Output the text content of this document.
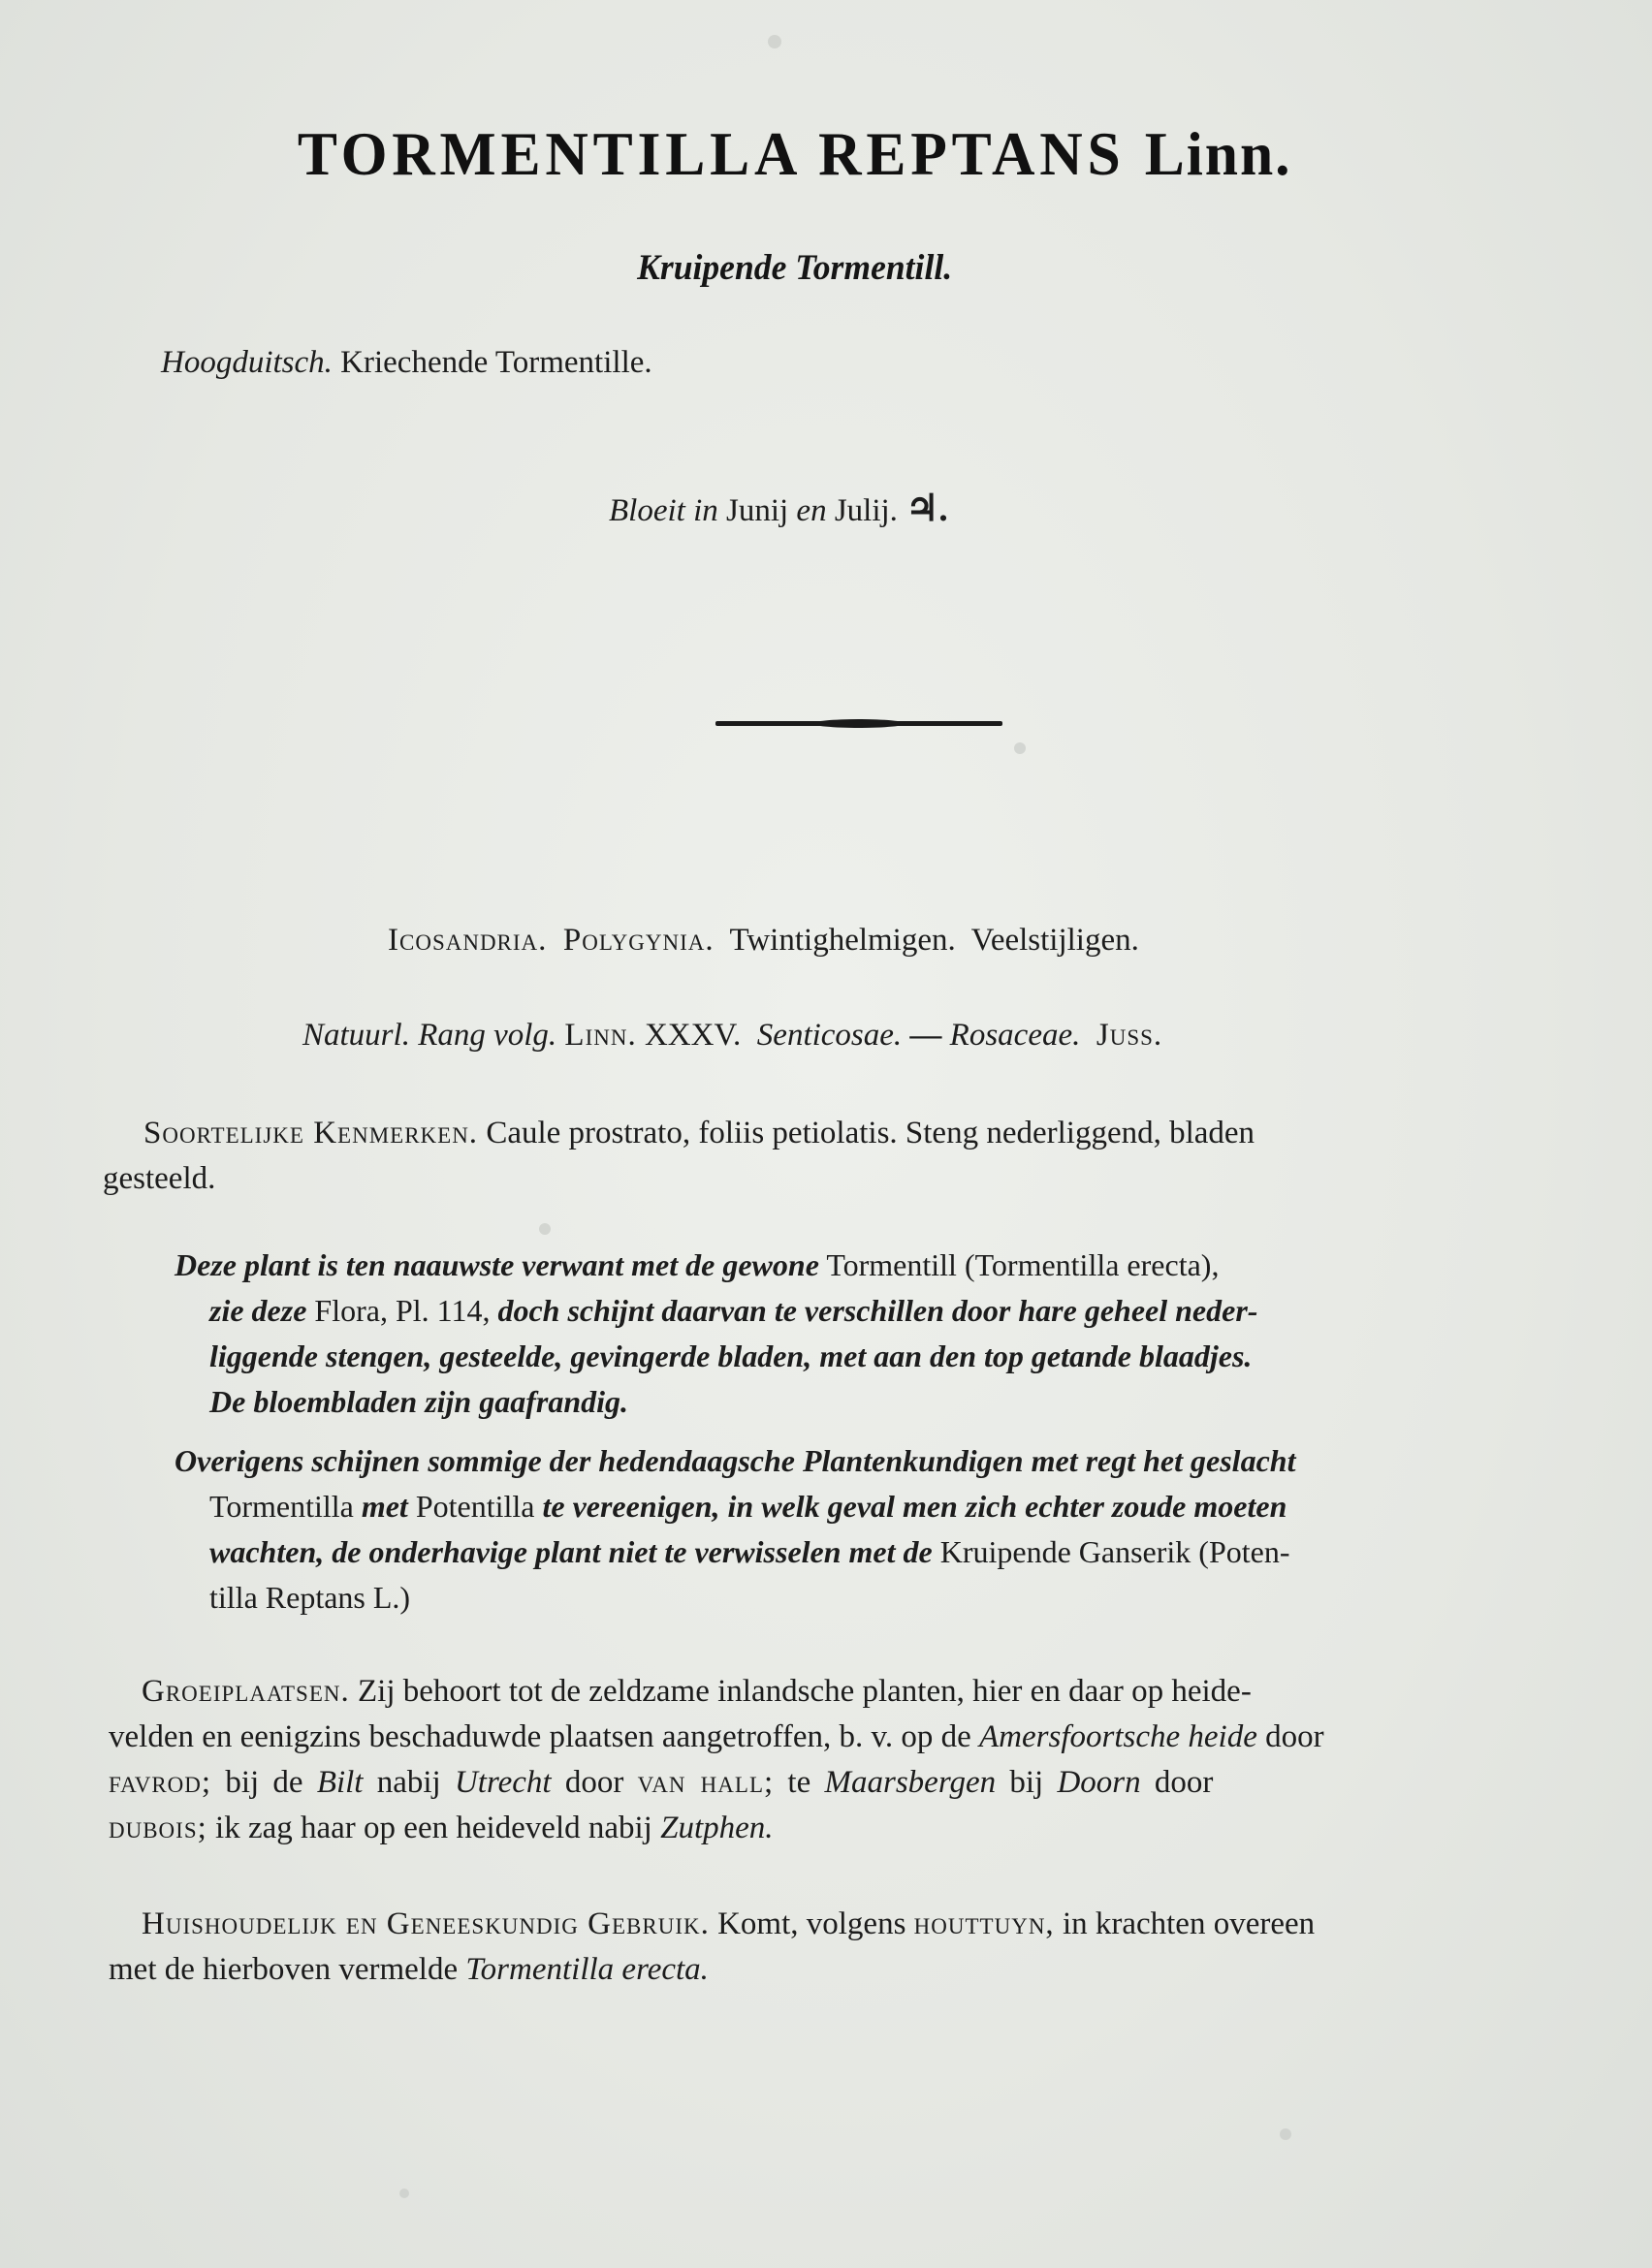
TORMENTILLA REPTANS Linn.
Kruipende Tormentill.
Hoogduitsch. Kriechende Tormentille.
Bloeit in Junij en Julij. ♃.
Icosandria. Polygynia. Twintighelmigen. Veelstijligen.
Natuurl. Rang volg. Linn. XXXV. Senticosae. — Rosaceae. Juss.
Soortelijke Kenmerken. Caule prostrato, foliis petiolatis. Steng nederliggend, bladen
gesteeld.
Deze plant is ten naauwste verwant met de gewone Tormentill (Tormentilla erecta),
zie deze Flora, Pl. 114, doch schijnt daarvan te verschillen door hare geheel neder-
liggende stengen, gesteelde, gevingerde bladen, met aan den top getande blaadjes.
De bloembladen zijn gaafrandig.
Overigens schijnen sommige der hedendaagsche Plantenkundigen met regt het geslacht
Tormentilla met Potentilla te vereenigen, in welk geval men zich echter zoude moeten
wachten, de onderhavige plant niet te verwisselen met de Kruipende Ganserik (Poten-
tilla Reptans L.)
Groeiplaatsen. Zij behoort tot de zeldzame inlandsche planten, hier en daar op heide-
velden en eenigzins beschaduwde plaatsen aangetroffen, b. v. op de Amersfoortsche heide door
favrod; bij de Bilt nabij Utrecht door van hall; te Maarsbergen bij Doorn door
dubois; ik zag haar op een heideveld nabij Zutphen.
Huishoudelijk en Geneeskundig Gebruik. Komt, volgens houttuyn, in krachten overeen
met de hierboven vermelde Tormentilla erecta.
